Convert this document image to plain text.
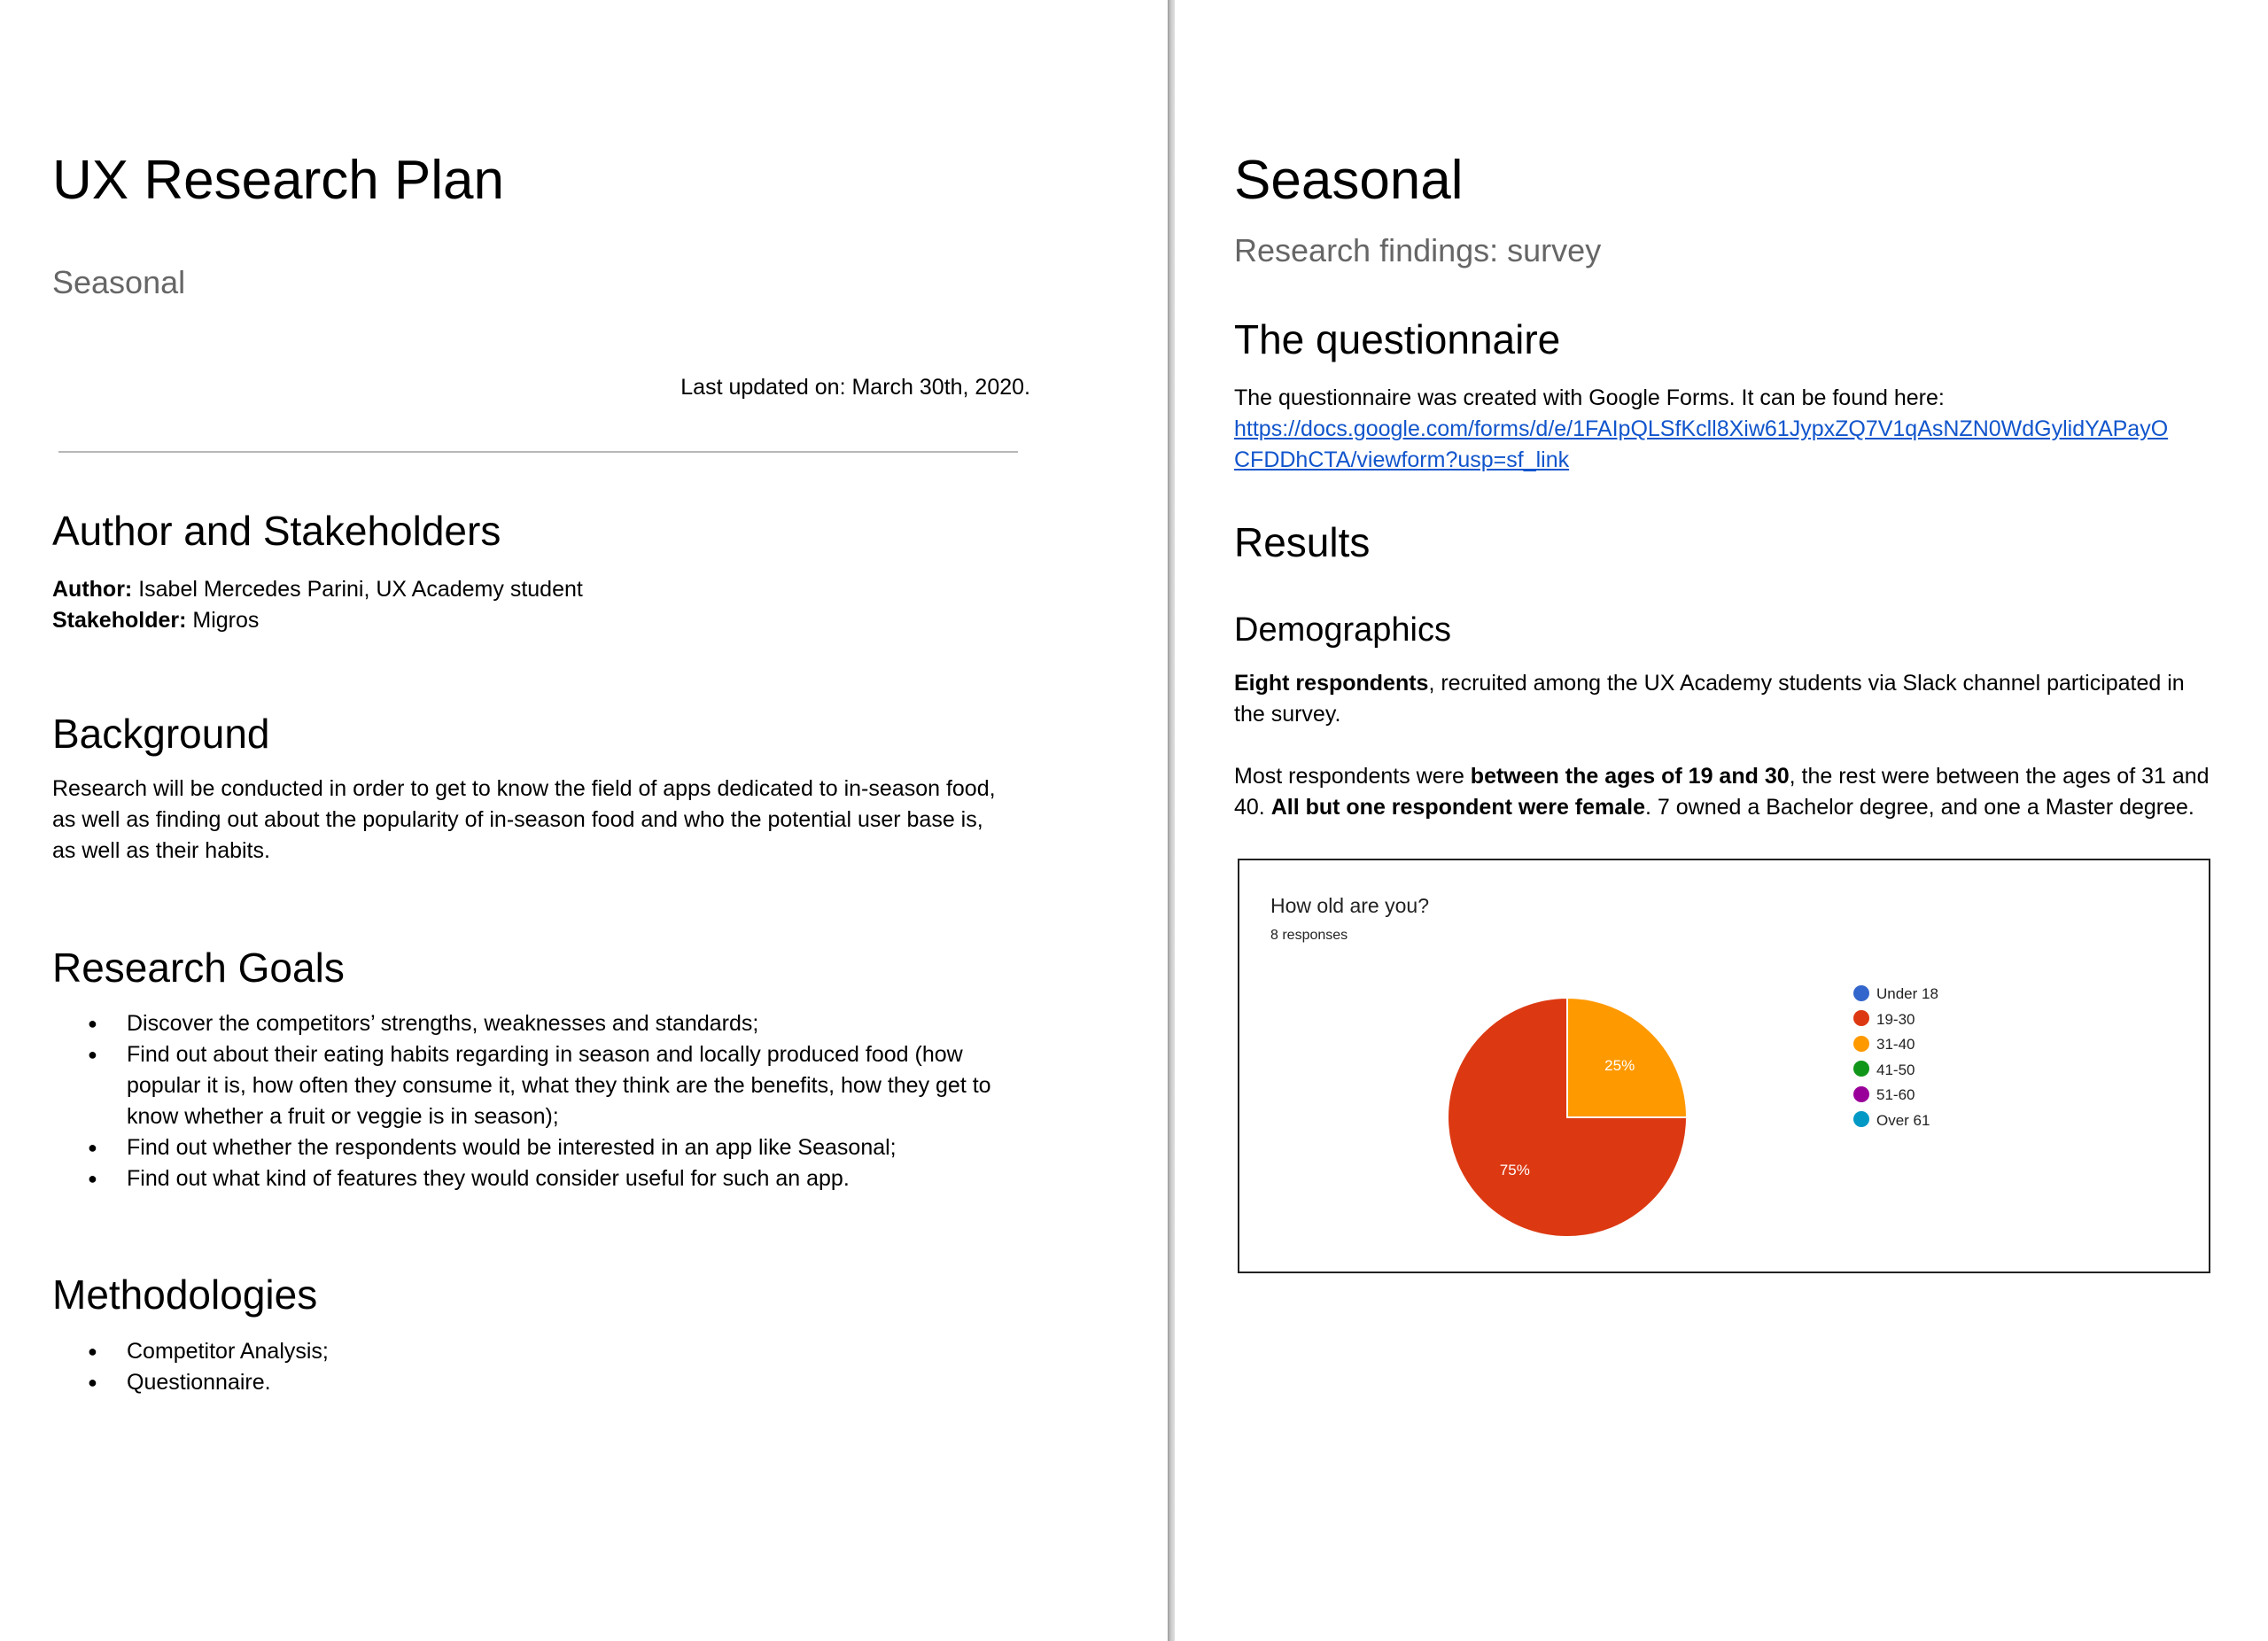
UX Research Plan
Seasonal
Last updated on: March 30th, 2020.
Author and Stakeholders
Author: Isabel Mercedes Parini, UX Academy student
Stakeholder: Migros
Background
Research will be conducted in order to get to know the field of apps dedicated to in-season food, as well as finding out about the popularity of in-season food and who the potential user base is, as well as their habits.
Research Goals
● Discover the competitors’ strengths, weaknesses and standards;
● Find out about their eating habits regarding in season and locally produced food (how popular it is, how often they consume it, what they think are the benefits, how they get to know whether a fruit or veggie is in season);
● Find out whether the respondents would be interested in an app like Seasonal;
● Find out what kind of features they would consider useful for such an app.
Methodologies
● Competitor Analysis;
● Questionnaire.
Seasonal
Research findings: survey
The questionnaire
The questionnaire was created with Google Forms. It can be found here:
https://docs.google.com/forms/d/e/1FAIpQLSfKcll8Xiw61JypxZQ7V1qAsNZN0WdGylidYAPayO
CFDDhCTA/viewform?usp=sf_link
Results
Demographics
Eight respondents, recruited among the UX Academy students via Slack channel participated in the survey.
Most respondents were between the ages of 19 and 30, the rest were between the ages of 31 and 40. All but one respondent were female. 7 owned a Bachelor degree, and one a Master degree.
How old are you?
8 responses
25%
75%
Under 18
19-30
31-40
41-50
51-60
Over 61
